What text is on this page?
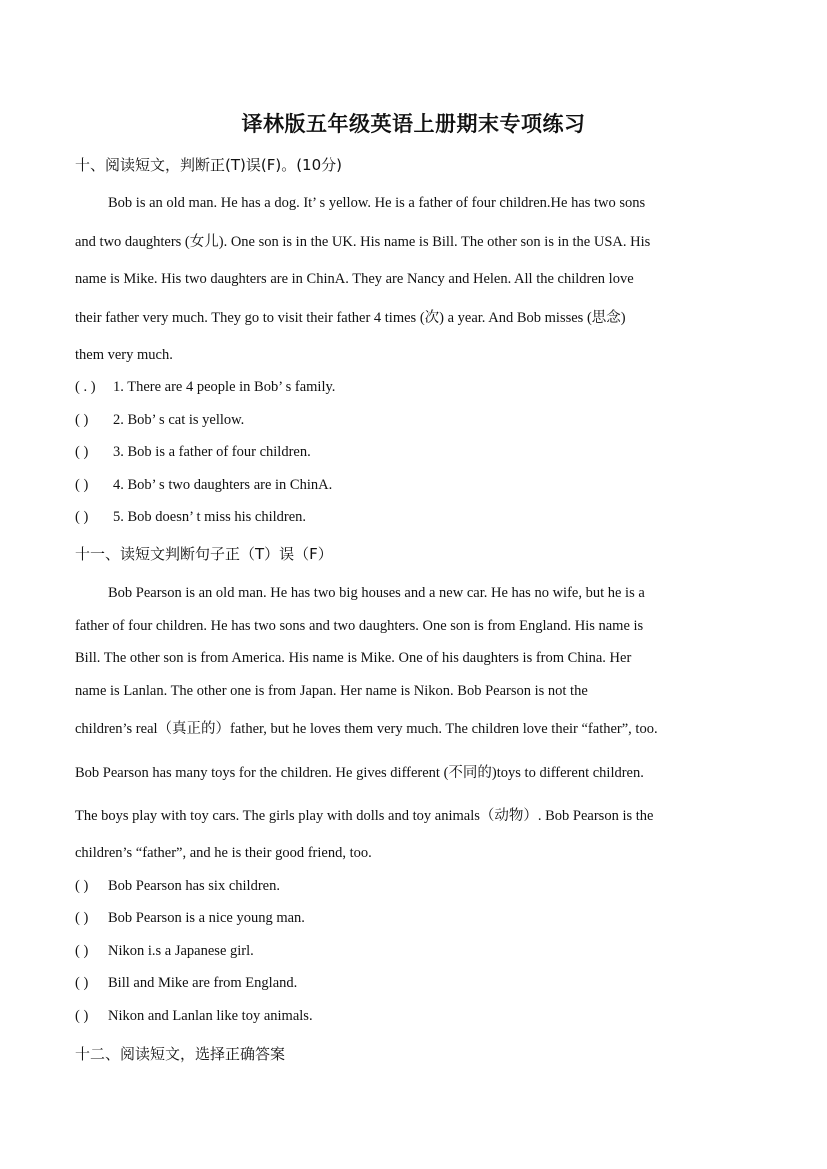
译林版五年级英语上册期末专项练习
十、阅读短文，判断正(T)误(F)。(10分)
Bob is an old man. He has a dog. It’ s yellow. He is a father of four children.He has two sons
and two daughters (女儿). One son is in the UK. His name is Bill. The other son is in the USA. His
name is Mike. His two daughters are in ChinA. They are Nancy and Helen. All the children love
their father very much. They go to visit their father 4 times (次) a year. And Bob misses (思念)
them very much.
( . ) 1. There are 4 people in Bob’ s family.
( ) 2. Bob’ s cat is yellow.
( ) 3. Bob is a father of four children.
( ) 4. Bob’ s two daughters are in ChinA.
( ) 5. Bob doesn’ t miss his children.
十一、读短文判断句子正（T）误（F）
Bob Pearson is an old man. He has two big houses and a new car. He has no wife, but he is a
father of four children. He has two sons and two daughters. One son is from England. His name is
Bill. The other son is from America. His name is Mike. One of his daughters is from China. Her
name is Lanlan. The other one is from Japan. Her name is Nikon. Bob Pearson is not the
children’s real（真正的）father, but he loves them very much. The children love their “father”, too.
Bob Pearson has many toys for the children. He gives different (不同的)toys to different children.
The boys play with toy cars. The girls play with dolls and toy animals（动物）. Bob Pearson is the
children’s “father”, and he is their good friend, too.
( ) Bob Pearson has six children.
( ) Bob Pearson is a nice young man.
( ) Nikon i.s a Japanese girl.
( ) Bill and Mike are from England.
( ) Nikon and Lanlan like toy animals.
十二、阅读短文，选择正确答案
